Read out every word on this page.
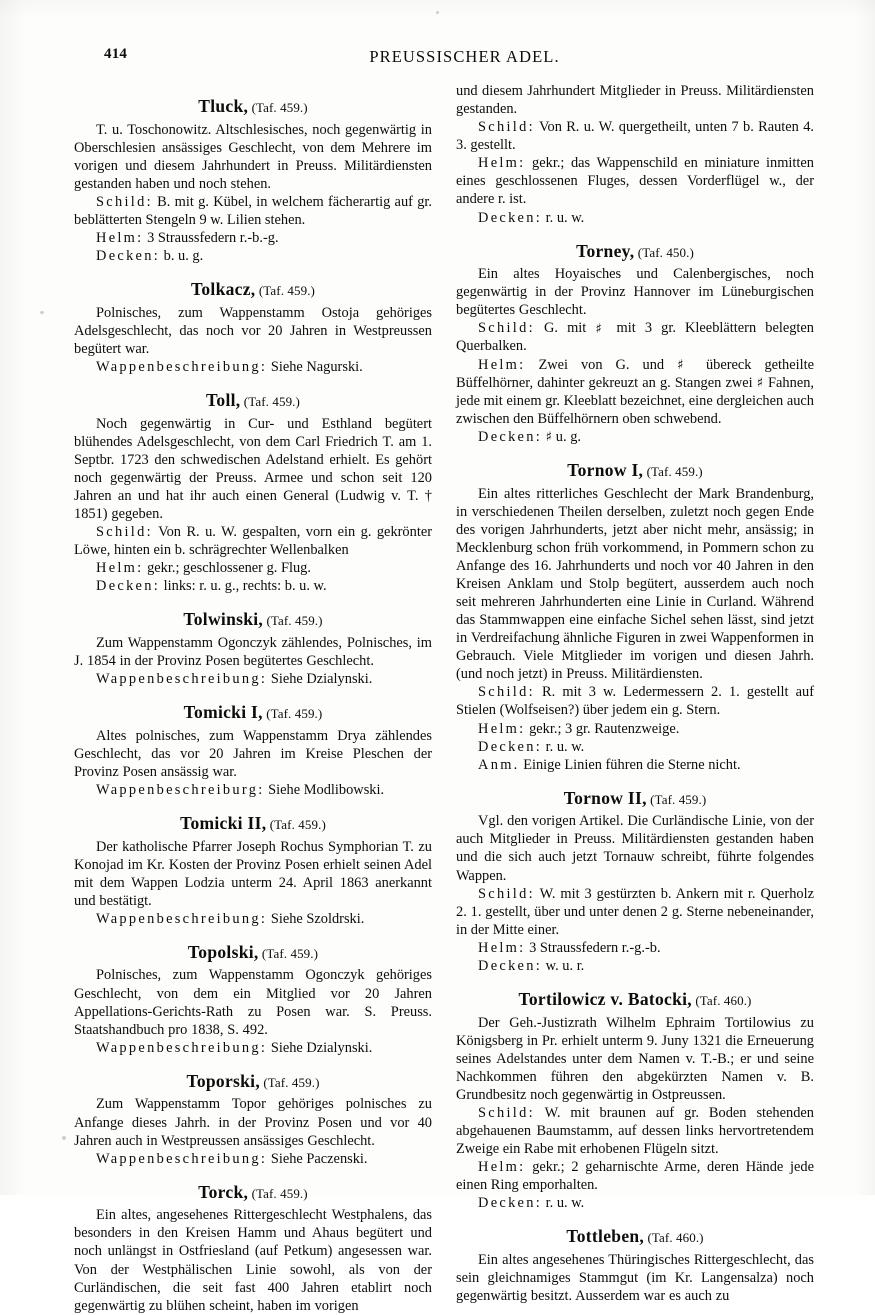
414	PREUSSISCHER ADEL.
Tluck, (Taf. 459.)
T. u. Toschonowitz. Altschlesisches, noch gegenwärtig in Oberschlesien ansässiges Geschlecht, von dem Mehrere im vorigen und diesem Jahrhundert in Preuss. Militärdiensten gestanden haben und noch stehen.
Schild: B. mit g. Kübel, in welchem fächerartig auf gr. beblätterten Stengeln 9 w. Lilien stehen.
Helm: 3 Straussfedern r.-b.-g.
Decken: b. u. g.
Tolkacz, (Taf. 459.)
Polnisches, zum Wappenstamm Ostoja gehöriges Adelsgeschlecht, das noch vor 20 Jahren in Westpreussen begütert war.
Wappenbeschreibung: Siehe Nagurski.
Toll, (Taf. 459.)
Noch gegenwärtig in Cur- und Esthland begütert blühendes Adelsgeschlecht, von dem Carl Friedrich T. am 1. Septbr. 1723 den schwedischen Adelstand erhielt. Es gehört noch gegenwärtig der Preuss. Armee und schon seit 120 Jahren an und hat ihr auch einen General (Ludwig v. T. † 1851) gegeben.
Schild: Von R. u. W. gespalten, vorn ein g. gekrönter Löwe, hinten ein b. schrägrechter Wellenbalken
Helm: gekr.; geschlossener g. Flug.
Decken: links: r. u. g., rechts: b. u. w.
Tolwinski, (Taf. 459.)
Zum Wappenstamm Ogonczyk zählendes, Polnisches, im J. 1854 in der Provinz Posen begütertes Geschlecht.
Wappenbeschreibung: Siehe Dzialynski.
Tomicki I, (Taf. 459.)
Altes polnisches, zum Wappenstamm Drya zählendes Geschlecht, das vor 20 Jahren im Kreise Pleschen der Provinz Posen ansässig war.
Wappenbeschreiburg: Siehe Modlibowski.
Tomicki II, (Taf. 459.)
Der katholische Pfarrer Joseph Rochus Symphorian T. zu Konojad im Kr. Kosten der Provinz Posen erhielt seinen Adel mit dem Wappen Lodzia unterm 24. April 1863 anerkannt und bestätigt.
Wappenbeschreibung: Siehe Szoldrski.
Topolski, (Taf. 459.)
Polnisches, zum Wappenstamm Ogonczyk gehöriges Geschlecht, von dem ein Mitglied vor 20 Jahren Appellations-Gerichts-Rath zu Posen war. S. Preuss. Staatshandbuch pro 1838, S. 492.
Wappenbeschreibung: Siehe Dzialynski.
Toporski, (Taf. 459.)
Zum Wappenstamm Topor gehöriges polnisches zu Anfange dieses Jahrh. in der Provinz Posen und vor 40 Jahren auch in Westpreussen ansässiges Geschlecht.
Wappenbeschreibung: Siehe Paczenski.
Torck, (Taf. 459.)
Ein altes, angesehenes Rittergeschlecht Westphalens, das besonders in den Kreisen Hamm und Ahaus begütert und noch unlängst in Ostfriesland (auf Petkum) angesessen war. Von der Westphälischen Linie sowohl, als von der Curländischen, die seit fast 400 Jahren etablirt noch gegenwärtig zu blühen scheint, haben im vorigen
und diesem Jahrhundert Mitglieder in Preuss. Militärdiensten gestanden.
Schild: Von R. u. W. quergetheilt, unten 7 b. Rauten 4. 3. gestellt.
Helm: gekr.; das Wappenschild en miniature inmitten eines geschlossenen Fluges, dessen Vorderflügel w., der andere r. ist.
Decken: r. u. w.
Torney, (Taf. 450.)
Ein altes Hoyaisches und Calenbergisches, noch gegenwärtig in der Provinz Hannover im Lüneburgischen begütertes Geschlecht.
Schild: G. mit ♯ mit 3 gr. Kleeblättern belegten Querbalken.
Helm: Zwei von G. und ♯ übereck getheilte Büffelhörner, dahinter gekreuzt an g. Stangen zwei ♯ Fahnen, jede mit einem gr. Kleeblatt bezeichnet, eine dergleichen auch zwischen den Büffelhörnern oben schwebend.
Decken: ♯ u. g.
Tornow I, (Taf. 459.)
Ein altes ritterliches Geschlecht der Mark Brandenburg, in verschiedenen Theilen derselben, zuletzt noch gegen Ende des vorigen Jahrhunderts, jetzt aber nicht mehr, ansässig; in Mecklenburg schon früh vorkommend, in Pommern schon zu Anfange des 16. Jahrhunderts und noch vor 40 Jahren in den Kreisen Anklam und Stolp begütert, ausserdem auch noch seit mehreren Jahrhunderten eine Linie in Curland. Während das Stammwappen eine einfache Sichel sehen lässt, sind jetzt in Verdreifachung ähnliche Figuren in zwei Wappenformen in Gebrauch. Viele Mitglieder im vorigen und diesen Jahrh. (und noch jetzt) in Preuss. Militärdiensten.
Schild: R. mit 3 w. Ledermessern 2. 1. gestellt auf Stielen (Wolfseisen?) über jedem ein g. Stern.
Helm: gekr.; 3 gr. Rautenzweige.
Decken: r. u. w.
Anm. Einige Linien führen die Sterne nicht.
Tornow II, (Taf. 459.)
Vgl. den vorigen Artikel. Die Curländische Linie, von der auch Mitglieder in Preuss. Militärdiensten gestanden haben und die sich auch jetzt Tornauw schreibt, führte folgendes Wappen.
Schild: W. mit 3 gestürzten b. Ankern mit r. Querholz 2. 1. gestellt, über und unter denen 2 g. Sterne nebeneinander, in der Mitte einer.
Helm: 3 Straussfedern r.-g.-b.
Decken: w. u. r.
Tortilowicz v. Batocki, (Taf. 460.)
Der Geh.-Justizrath Wilhelm Ephraim Tortilowius zu Königsberg in Pr. erhielt unterm 9. Juny 1321 die Erneuerung seines Adelstandes unter dem Namen v. T.-B.; er und seine Nachkommen führen den abgekürzten Namen v. B. Grundbesitz noch gegenwärtig in Ostpreussen.
Schild: W. mit braunen auf gr. Boden stehenden abgehauenen Baumstamm, auf dessen links hervortretendem Zweige ein Rabe mit erhobenen Flügeln sitzt.
Helm: gekr.; 2 geharnischte Arme, deren Hände jede einen Ring emporhalten.
Decken: r. u. w.
Tottleben, (Taf. 460.)
Ein altes angesehenes Thüringisches Rittergeschlecht, das sein gleichnamiges Stammgut (im Kr. Langensalza) noch gegenwärtig besitzt. Ausserdem war es auch zu
